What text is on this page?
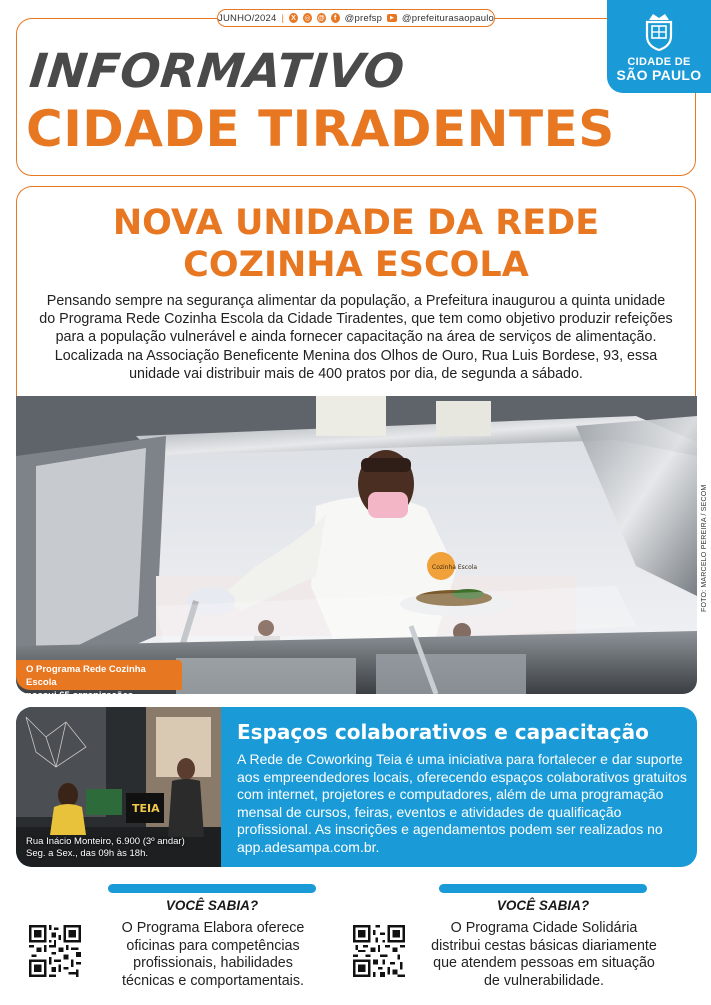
JUNHO/2024 | X ◎ @	f @prefsp	▶ @prefeiturasaopaulo
INFORMATIVO
CIDADE TIRADENTES
CIDADE DE
SÃO PAULO
NOVA UNIDADE DA REDE
COZINHA ESCOLA

Pensando sempre na segurança alimentar da população, a Prefeitura inaugurou a quinta unidade do Programa Rede Cozinha Escola da Cidade Tiradentes, que tem como objetivo produzir refeições para a população vulnerável e ainda fornecer capacitação na área de serviços de alimentação. Localizada na Associação Beneficente Menina dos Olhos de Ouro, Rua Luis Bordese, 93, essa unidade vai distribuir mais de 400 pratos por dia, de segunda a sábado.

Cozinha Escola
O Programa Rede Cozinha Escola
possui 65 organizações
FOTO: MARCELO PEREIRA / SECOM
TEIA
Rua Inácio Monteiro, 6.900 (3º andar)
Seg. a Sex., das 09h às 18h.
Espaços colaborativos e capacitação

A Rede de Coworking Teia é uma iniciativa para fortalecer e dar suporte aos empreendedores locais, oferecendo espaços colaborativos gratuitos com internet, projetores e computadores, além de uma programação mensal de cursos, feiras, eventos e atividades de qualificação profissional. As inscrições e agendamentos podem ser realizados no app.adesampa.com.br.

VOCÊ SABIA?	VOCÊ SABIA?
O Programa Elabora oferece
oficinas para competências
profissionais, habilidades
técnicas e comportamentais.
O Programa Cidade Solidária
distribui cestas básicas diariamente
que atendem pessoas em situação
de vulnerabilidade.
